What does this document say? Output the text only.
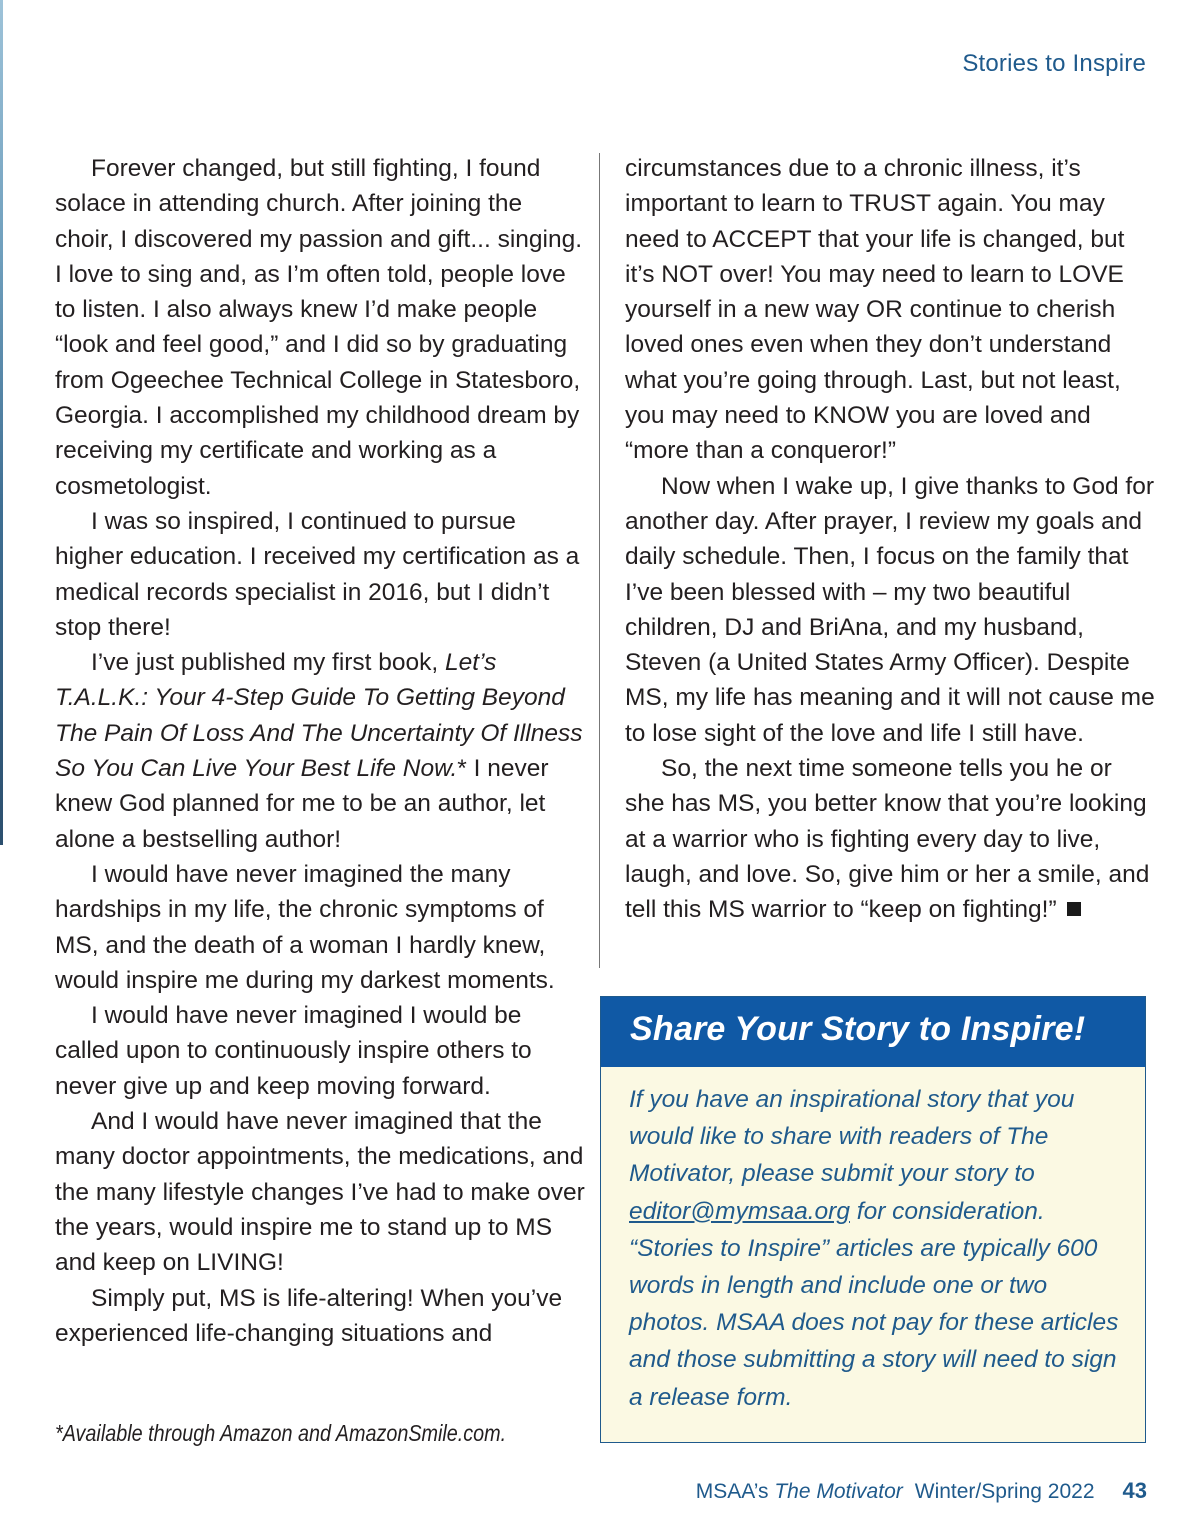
Stories to Inspire

Forever changed, but still fighting, I found solace in attending church. After joining the choir, I discovered my passion and gift... singing. I love to sing and, as I’m often told, people love to listen. I also always knew I’d make people “look and feel good,” and I did so by graduating from Ogeechee Technical College in Statesboro, Georgia. I accomplished my childhood dream by receiving my certificate and working as a cosmetologist.

I was so inspired, I continued to pursue higher education. I received my certification as a medical records specialist in 2016, but I didn’t stop there!

I’ve just published my first book, Let’s T.A.L.K.: Your 4-Step Guide To Getting Beyond The Pain Of Loss And The Uncertainty Of Illness So You Can Live Your Best Life Now.* I never knew God planned for me to be an author, let alone a bestselling author!

I would have never imagined the many hardships in my life, the chronic symptoms of MS, and the death of a woman I hardly knew, would inspire me during my darkest moments.

I would have never imagined I would be called upon to continuously inspire others to never give up and keep moving forward.

And I would have never imagined that the many doctor appointments, the medications, and the many lifestyle changes I’ve had to make over the years, would inspire me to stand up to MS and keep on LIVING!

Simply put, MS is life-altering! When you’ve experienced life-changing situations and

circumstances due to a chronic illness, it’s important to learn to TRUST again. You may need to ACCEPT that your life is changed, but it’s NOT over! You may need to learn to LOVE yourself in a new way OR continue to cherish loved ones even when they don’t understand what you’re going through. Last, but not least, you may need to KNOW you are loved and “more than a conqueror!”

Now when I wake up, I give thanks to God for another day. After prayer, I review my goals and daily schedule. Then, I focus on the family that I’ve been blessed with – my two beautiful children, DJ and BriAna, and my husband, Steven (a United States Army Officer). Despite MS, my life has meaning and it will not cause me to lose sight of the love and life I still have.

So, the next time someone tells you he or she has MS, you better know that you’re looking at a warrior who is fighting every day to live, laugh, and love. So, give him or her a smile, and tell this MS warrior to “keep on fighting!”

*Available through Amazon and AmazonSmile.com.
Share Your Story to Inspire!
If you have an inspirational story that you would like to share with readers of The Motivator, please submit your story to editor@mymsaa.org for consideration. “Stories to Inspire” articles are typically 600 words in length and include one or two photos. MSAA does not pay for these articles and those submitting a story will need to sign a release form.
MSAA’s The Motivator Winter/Spring 2022 43
